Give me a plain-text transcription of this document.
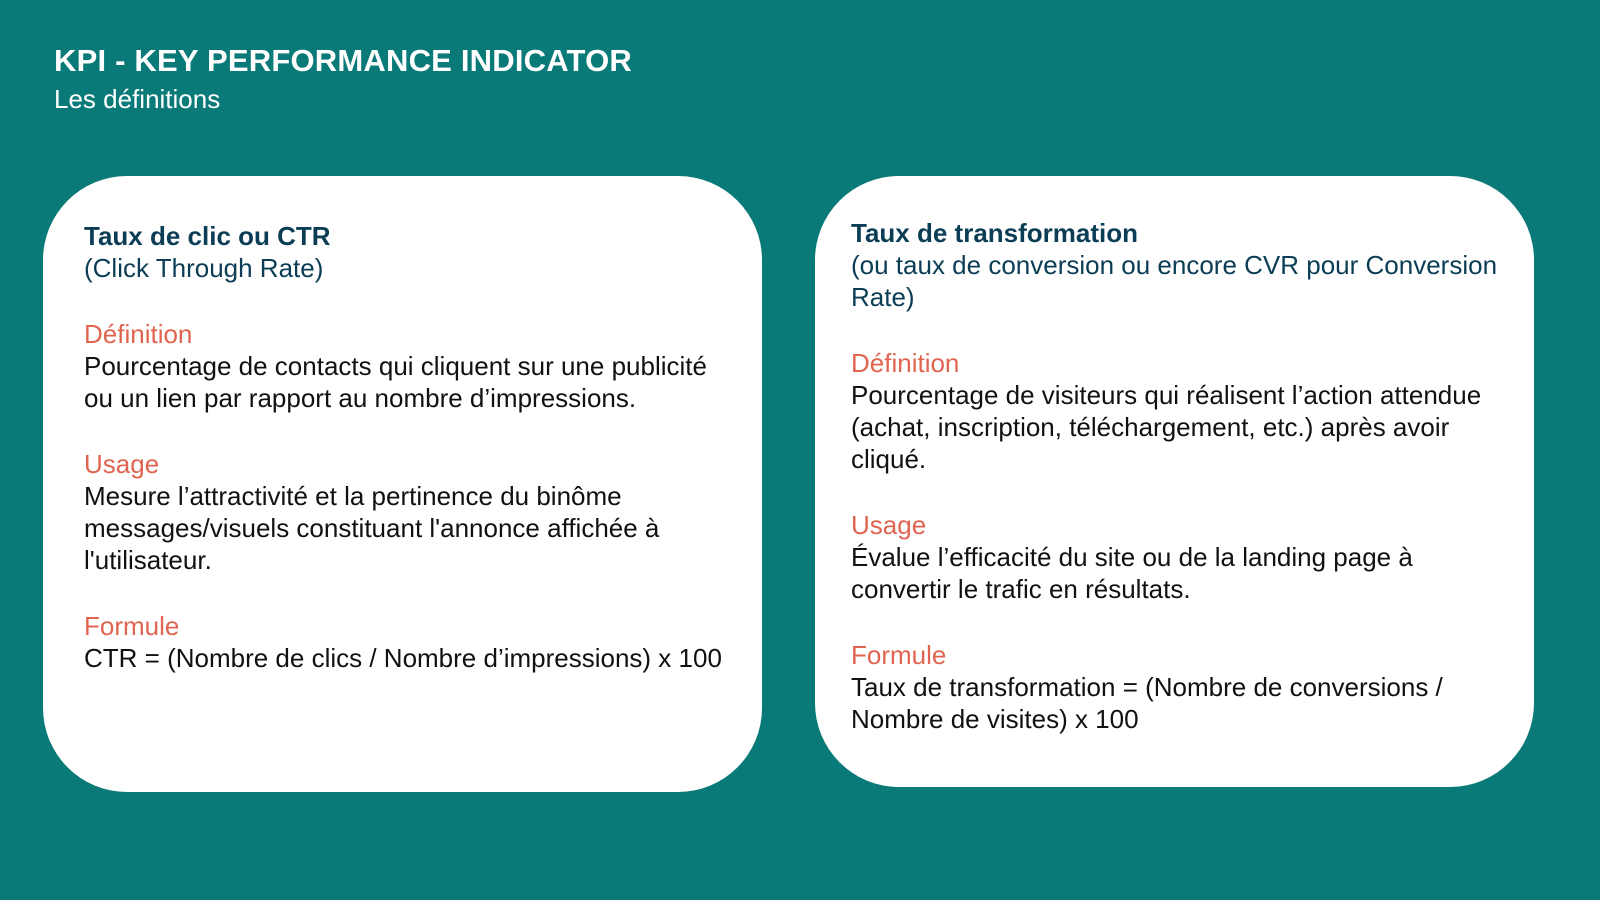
KPI - KEY PERFORMANCE INDICATOR
Les définitions
Taux de clic ou CTR
(Click Through Rate)
Définition
Pourcentage de contacts qui cliquent sur une publicité ou un lien par rapport au nombre d’impressions.
Usage
Mesure l’attractivité et la pertinence du binôme messages/visuels constituant l'annonce affichée à l'utilisateur.
Formule
CTR = (Nombre de clics / Nombre d’impressions) x 100
Taux de transformation
(ou taux de conversion ou encore CVR pour Conversion Rate)
Définition
Pourcentage de visiteurs qui réalisent l’action attendue (achat, inscription, téléchargement, etc.) après avoir cliqué.
Usage
Évalue l’efficacité du site ou de la landing page à convertir le trafic en résultats.
Formule
Taux de transformation = (Nombre de conversions / Nombre de visites) x 100
